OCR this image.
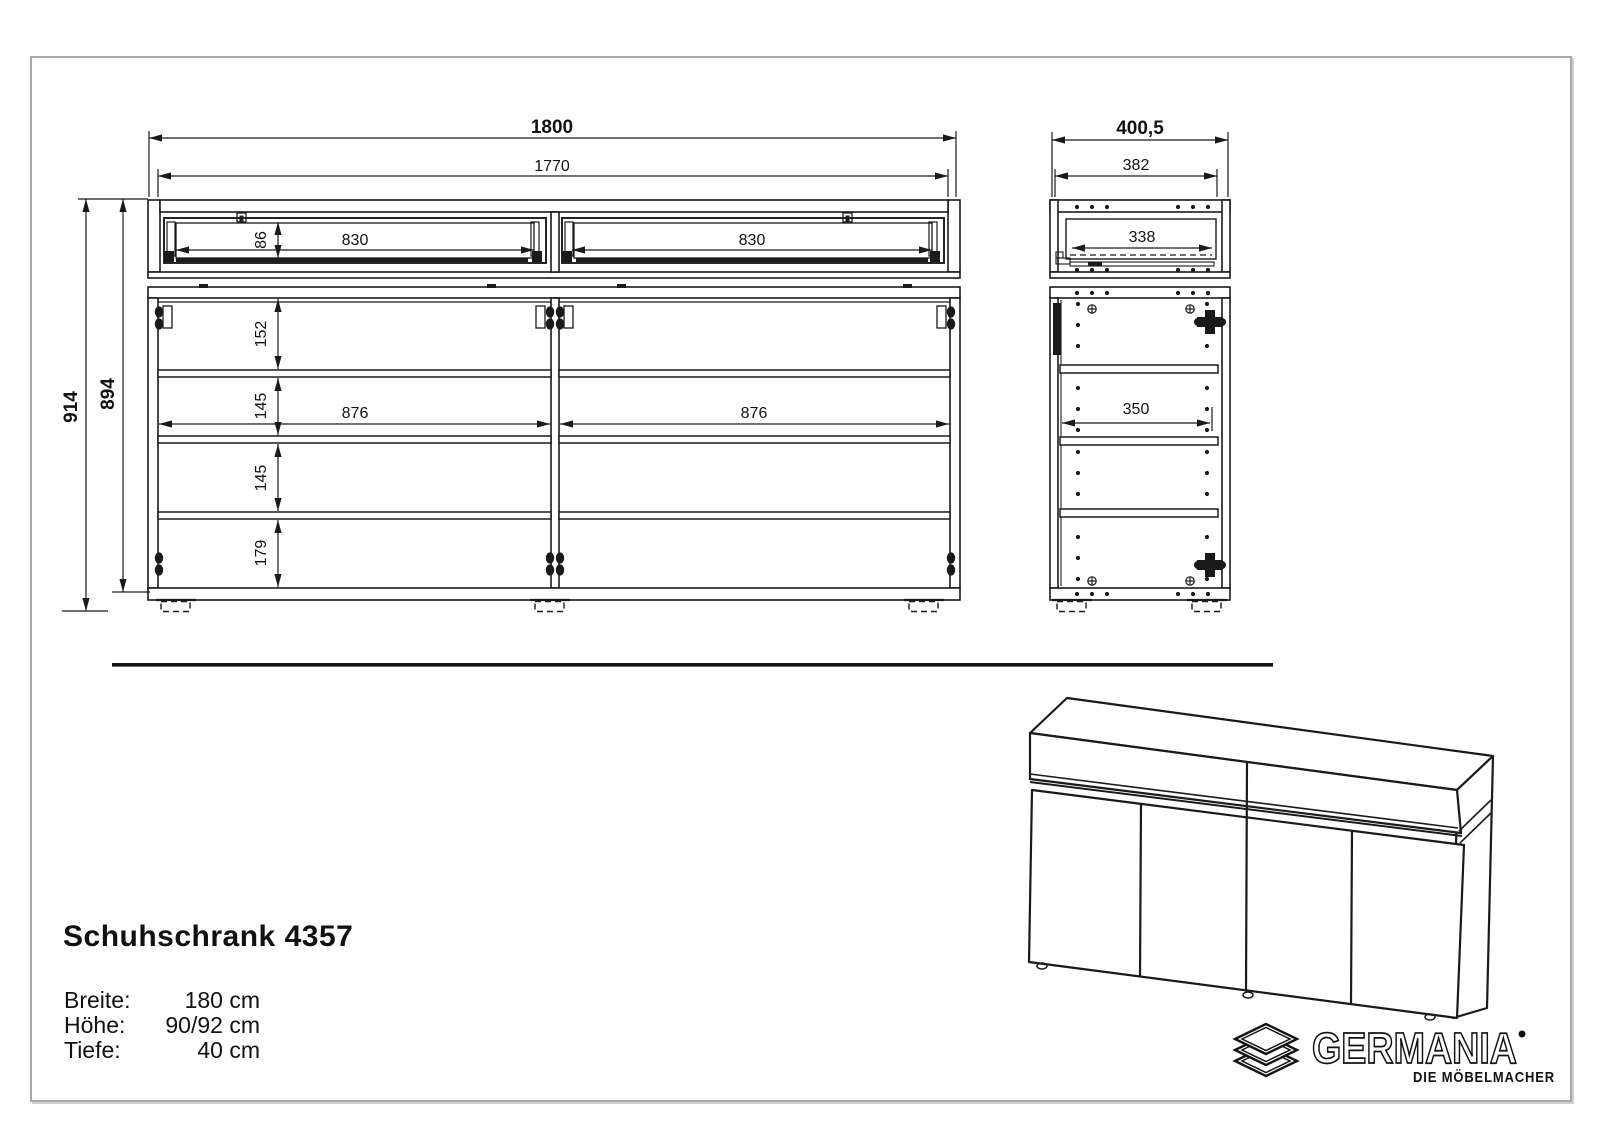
1800
1770
830	830
86
876	876
152
145
145
179
914 894
400,5
382
338
350
GERMANIA
DIE MÖBELMACHER
Schuhschrank 4357
Breite: 180 cm
Höhe: 90/92 cm
Tiefe:	40 cm
